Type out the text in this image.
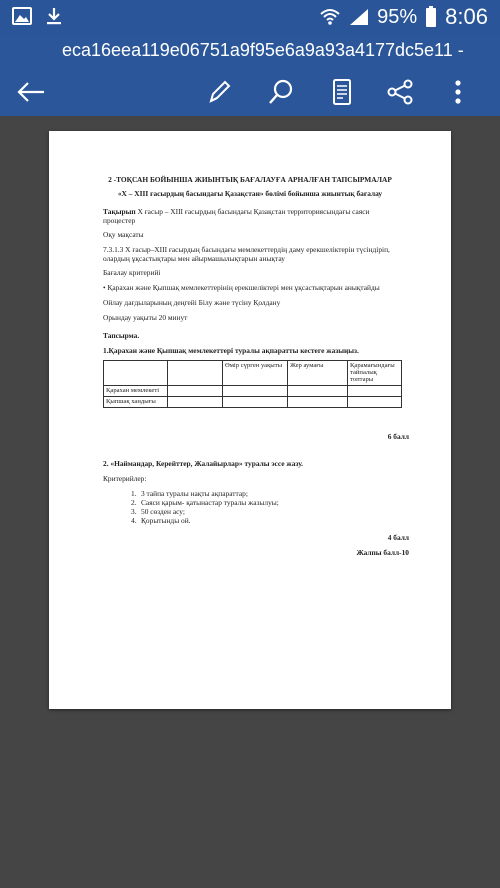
95% 8:06
eca16eea119e06751a9f95e6a9a93a4177dc5e11 -
2 -ТОҚСАН БОЙЫНША ЖИЫНТЫҚ БАҒАЛАУҒА АРНАЛҒАН ТАПСЫРМАЛАР
«Х – XIII ғасырдың басындағы Қазақстан» бөлімі бойынша жиынтық бағалау
Тақырып Х ғасыр – XIII ғасырдың басындағы Қазақстан территориясындағы саяси процестер
Оқу мақсаты
7.3.1.3 Х ғасыр–XIII ғасырдың басындағы мемлекеттердің даму ерекшеліктерін түсіндіріп, олардың ұқсастықтары мен айырмашылықтарын анықтау
Бағалау критерийі
• Қарахан және Қыпшақ мемлекеттерінің ерекшеліктері мен ұқсастықтарын анықтайды
Ойлау дағдыларының деңгейі Білу және түсіну Қолдану
Орындау уақыты 20 минут
Тапсырма.
1.Қарахан және Қыпшақ мемлекеттері туралы ақпаратты кестеге жазыңыз.
		Өмір сүрген уақыты	Жер аумағы	Қарамағындағы тайпалық топтары
Қарахан мемлекеті				
Қыпшақ хандығы				
6 балл
2. «Наймандар, Керейттер, Жалайырлар» туралы эссе жазу.
Критерийлер:
1. 3 тайпа туралы нақты ақпараттар;
2. Саяси қарым- қатынастар туралы жазылуы;
3. 50 сөзден асу;
4. Қорытынды ой.
4 балл
Жалпы балл-10
